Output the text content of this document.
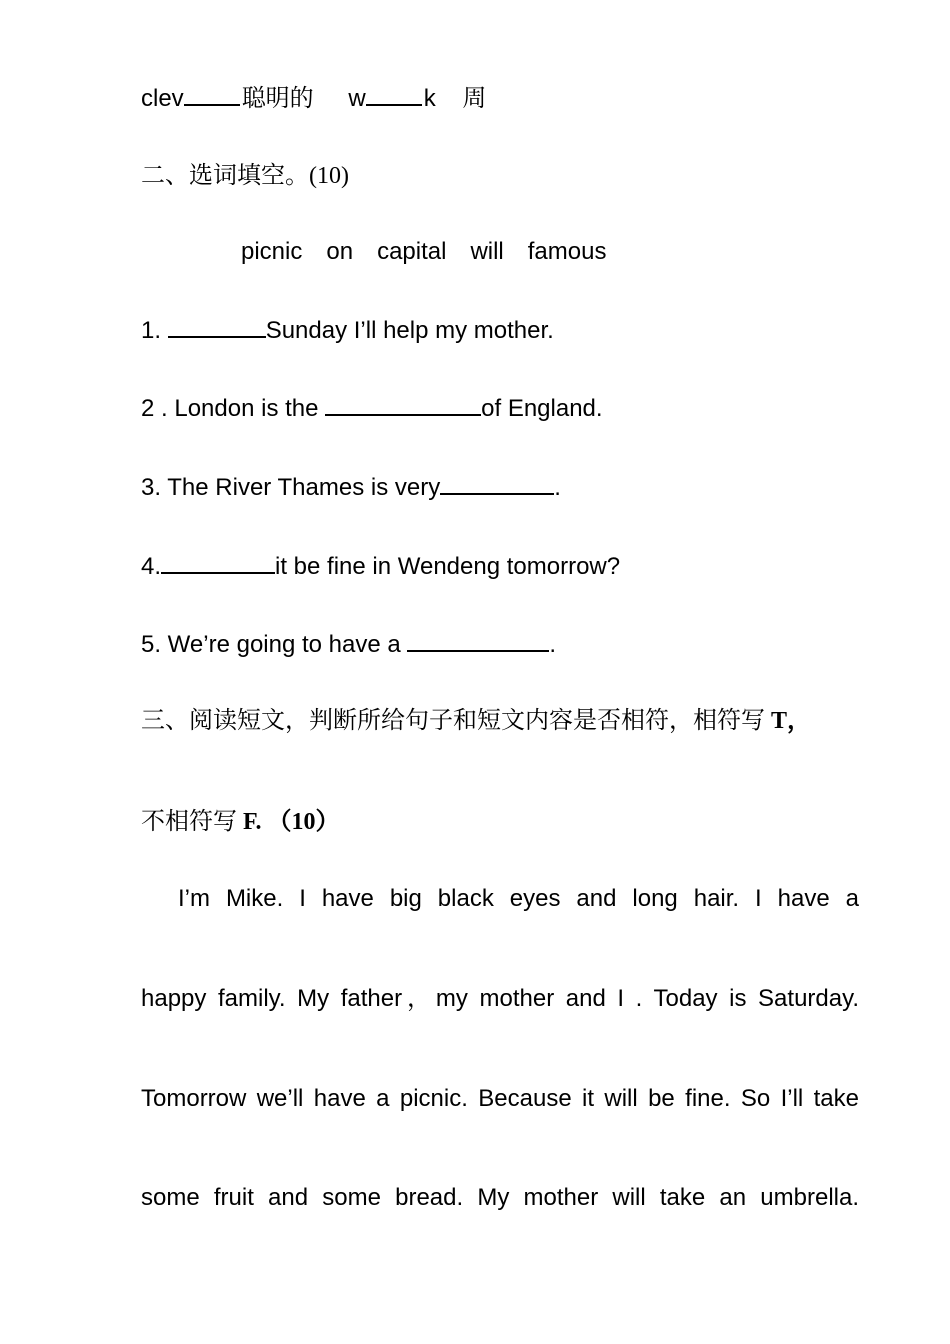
clev 聪明的 w k 周
二、选词填空。(10)
picnic on capital will famous
1.	Sunday I’ll help my mother.
2 . London is the	of England.
3. The River Thames is very	.
4.	it be fine in Wendeng tomorrow?
5. We’re going to have a	.
三、阅读短文，判断所给句子和短文内容是否相符，相符写 T，
不相符写 F. （10）
I’m Mike. I have big black eyes and long hair. I have a
happy family. My father，my mother and I . Today is Saturday.
Tomorrow we’ll have a picnic. Because it will be fine. So I’ll take
some fruit and some bread. My mother will take an umbrella.
